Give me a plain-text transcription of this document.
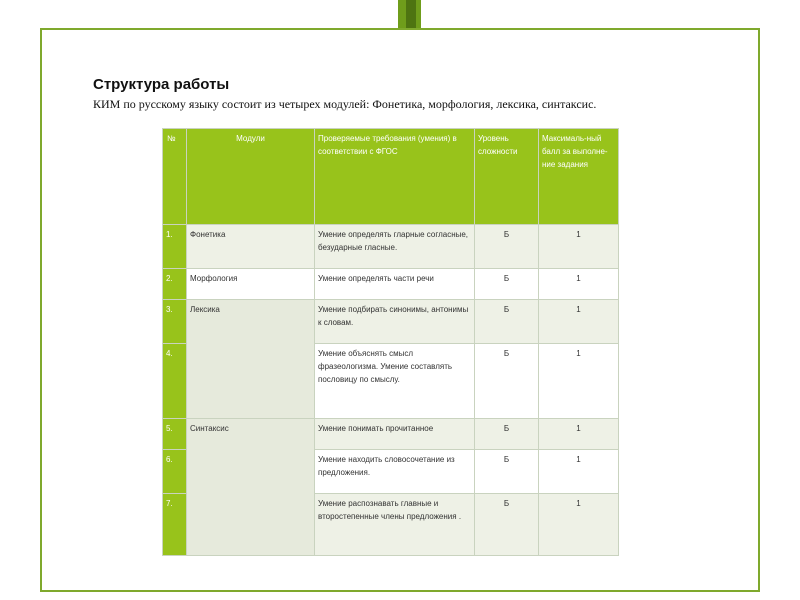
Структура работы
КИМ по русскому языку состоит из четырех модулей: Фонетика, морфология, лексика, синтаксис.
№	Модули	Проверяемые требования (умения) в соответствии с ФГОС	Уровень сложности	Максималь-ный балл за выполне-ние задания
1.	Фонетика	Умение определять гларные согласные, безударные гласные.	Б	1
2.	Морфология	Умение определять части речи	Б	1
3.	Лексика	Умение подбирать синонимы, антонимы к словам.	Б	1
4.		Умение объяснять смысл фразеологизма. Умение составлять пословицу по смыслу.	Б	1
5.	Синтаксис	Умение понимать прочитанное	Б	1
6.		Умение находить словосочетание из предложения.	Б	1
7.		Умение распознавать главные и второстепенные члены предложения .	Б	1
